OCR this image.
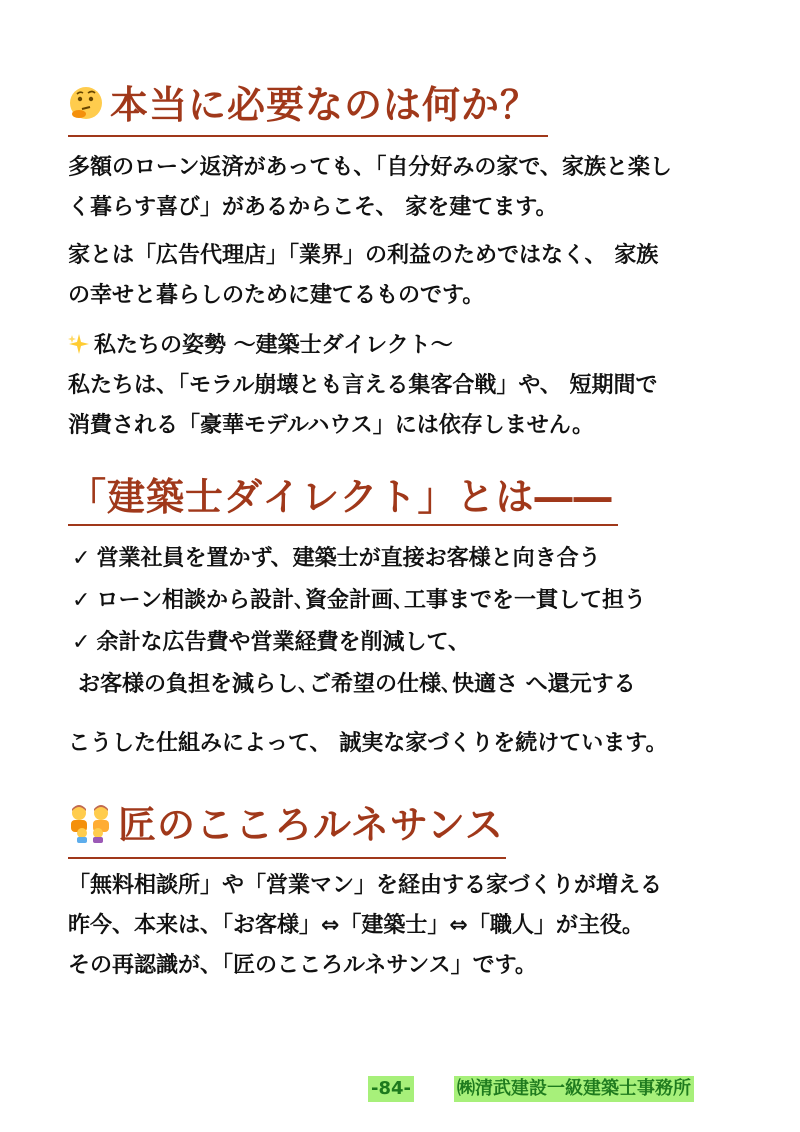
本当に必要なのは何か？
多額のローン返済があっても、「自分好みの家で、家族と楽し
く暮らす喜び」があるからこそ、 家を建てます。
家とは「広告代理店」「業界」の利益のためではなく、 家族
の幸せと暮らしのために建てるものです。
私たちの姿勢 〜建築士ダイレクト〜
私たちは、「モラル崩壊とも言える集客合戦」や、 短期間で
消費される「豪華モデルハウス」には依存しません。
「建築士ダイレクト」とは――
✓ 営業社員を置かず、建築士が直接お客様と向き合う
✓ ローン相談から設計､資金計画､工事までを一貫して担う
✓ 余計な広告費や営業経費を削減して、
お客様の負担を減らし､ご希望の仕様､快適さ へ還元する
こうした仕組みによって、 誠実な家づくりを続けています。
匠のこころルネサンス
「無料相談所」や「営業マン」を経由する家づくりが増える
昨今、本来は、「お客様」⇔「建築士」⇔「職人」が主役。
その再認識が、「匠のこころルネサンス」です。
-84-	㈱清武建設一級建築士事務所
